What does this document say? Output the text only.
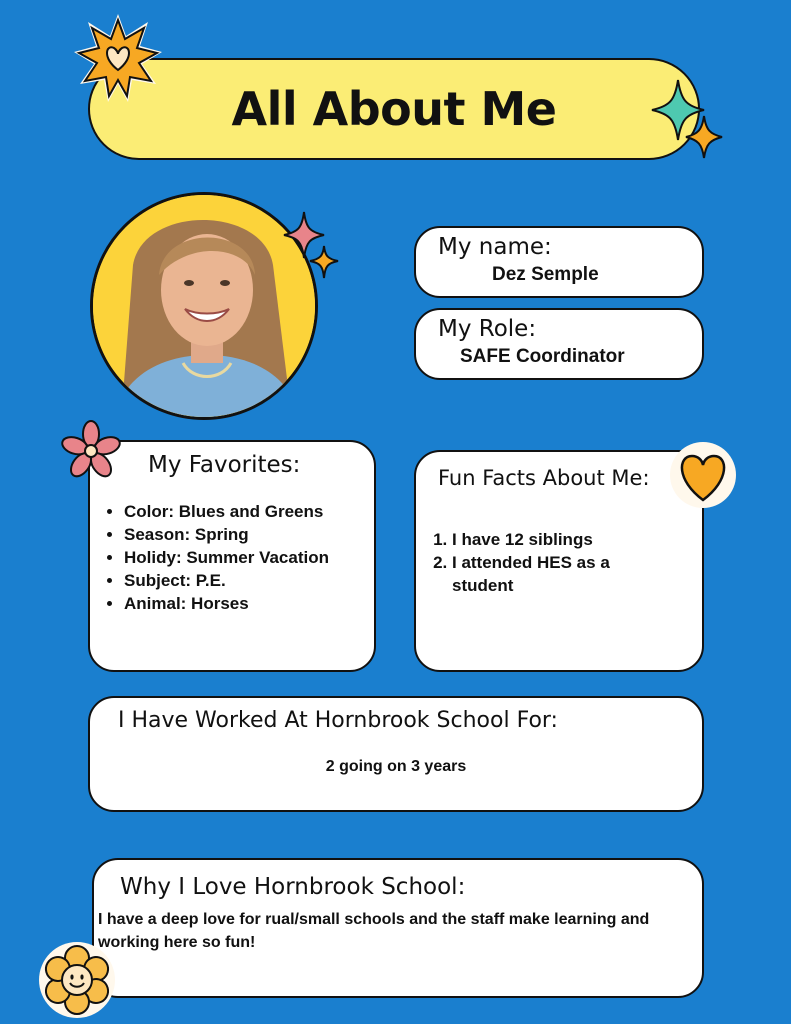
All About Me
My name:
Dez Semple
My Role:
SAFE Coordinator
My Favorites:
• Color: Blues and Greens
• Season: Spring
• Holidy: Summer Vacation
• Subject: P.E.
• Animal: Horses
Fun Facts About Me:
1. I have 12 siblings
2. I attended HES as a student
I Have Worked At Hornbrook School For:
2 going on 3 years
Why I Love Hornbrook School:
I have a deep love for rual/small schools and the staff make learning and working here so fun!
